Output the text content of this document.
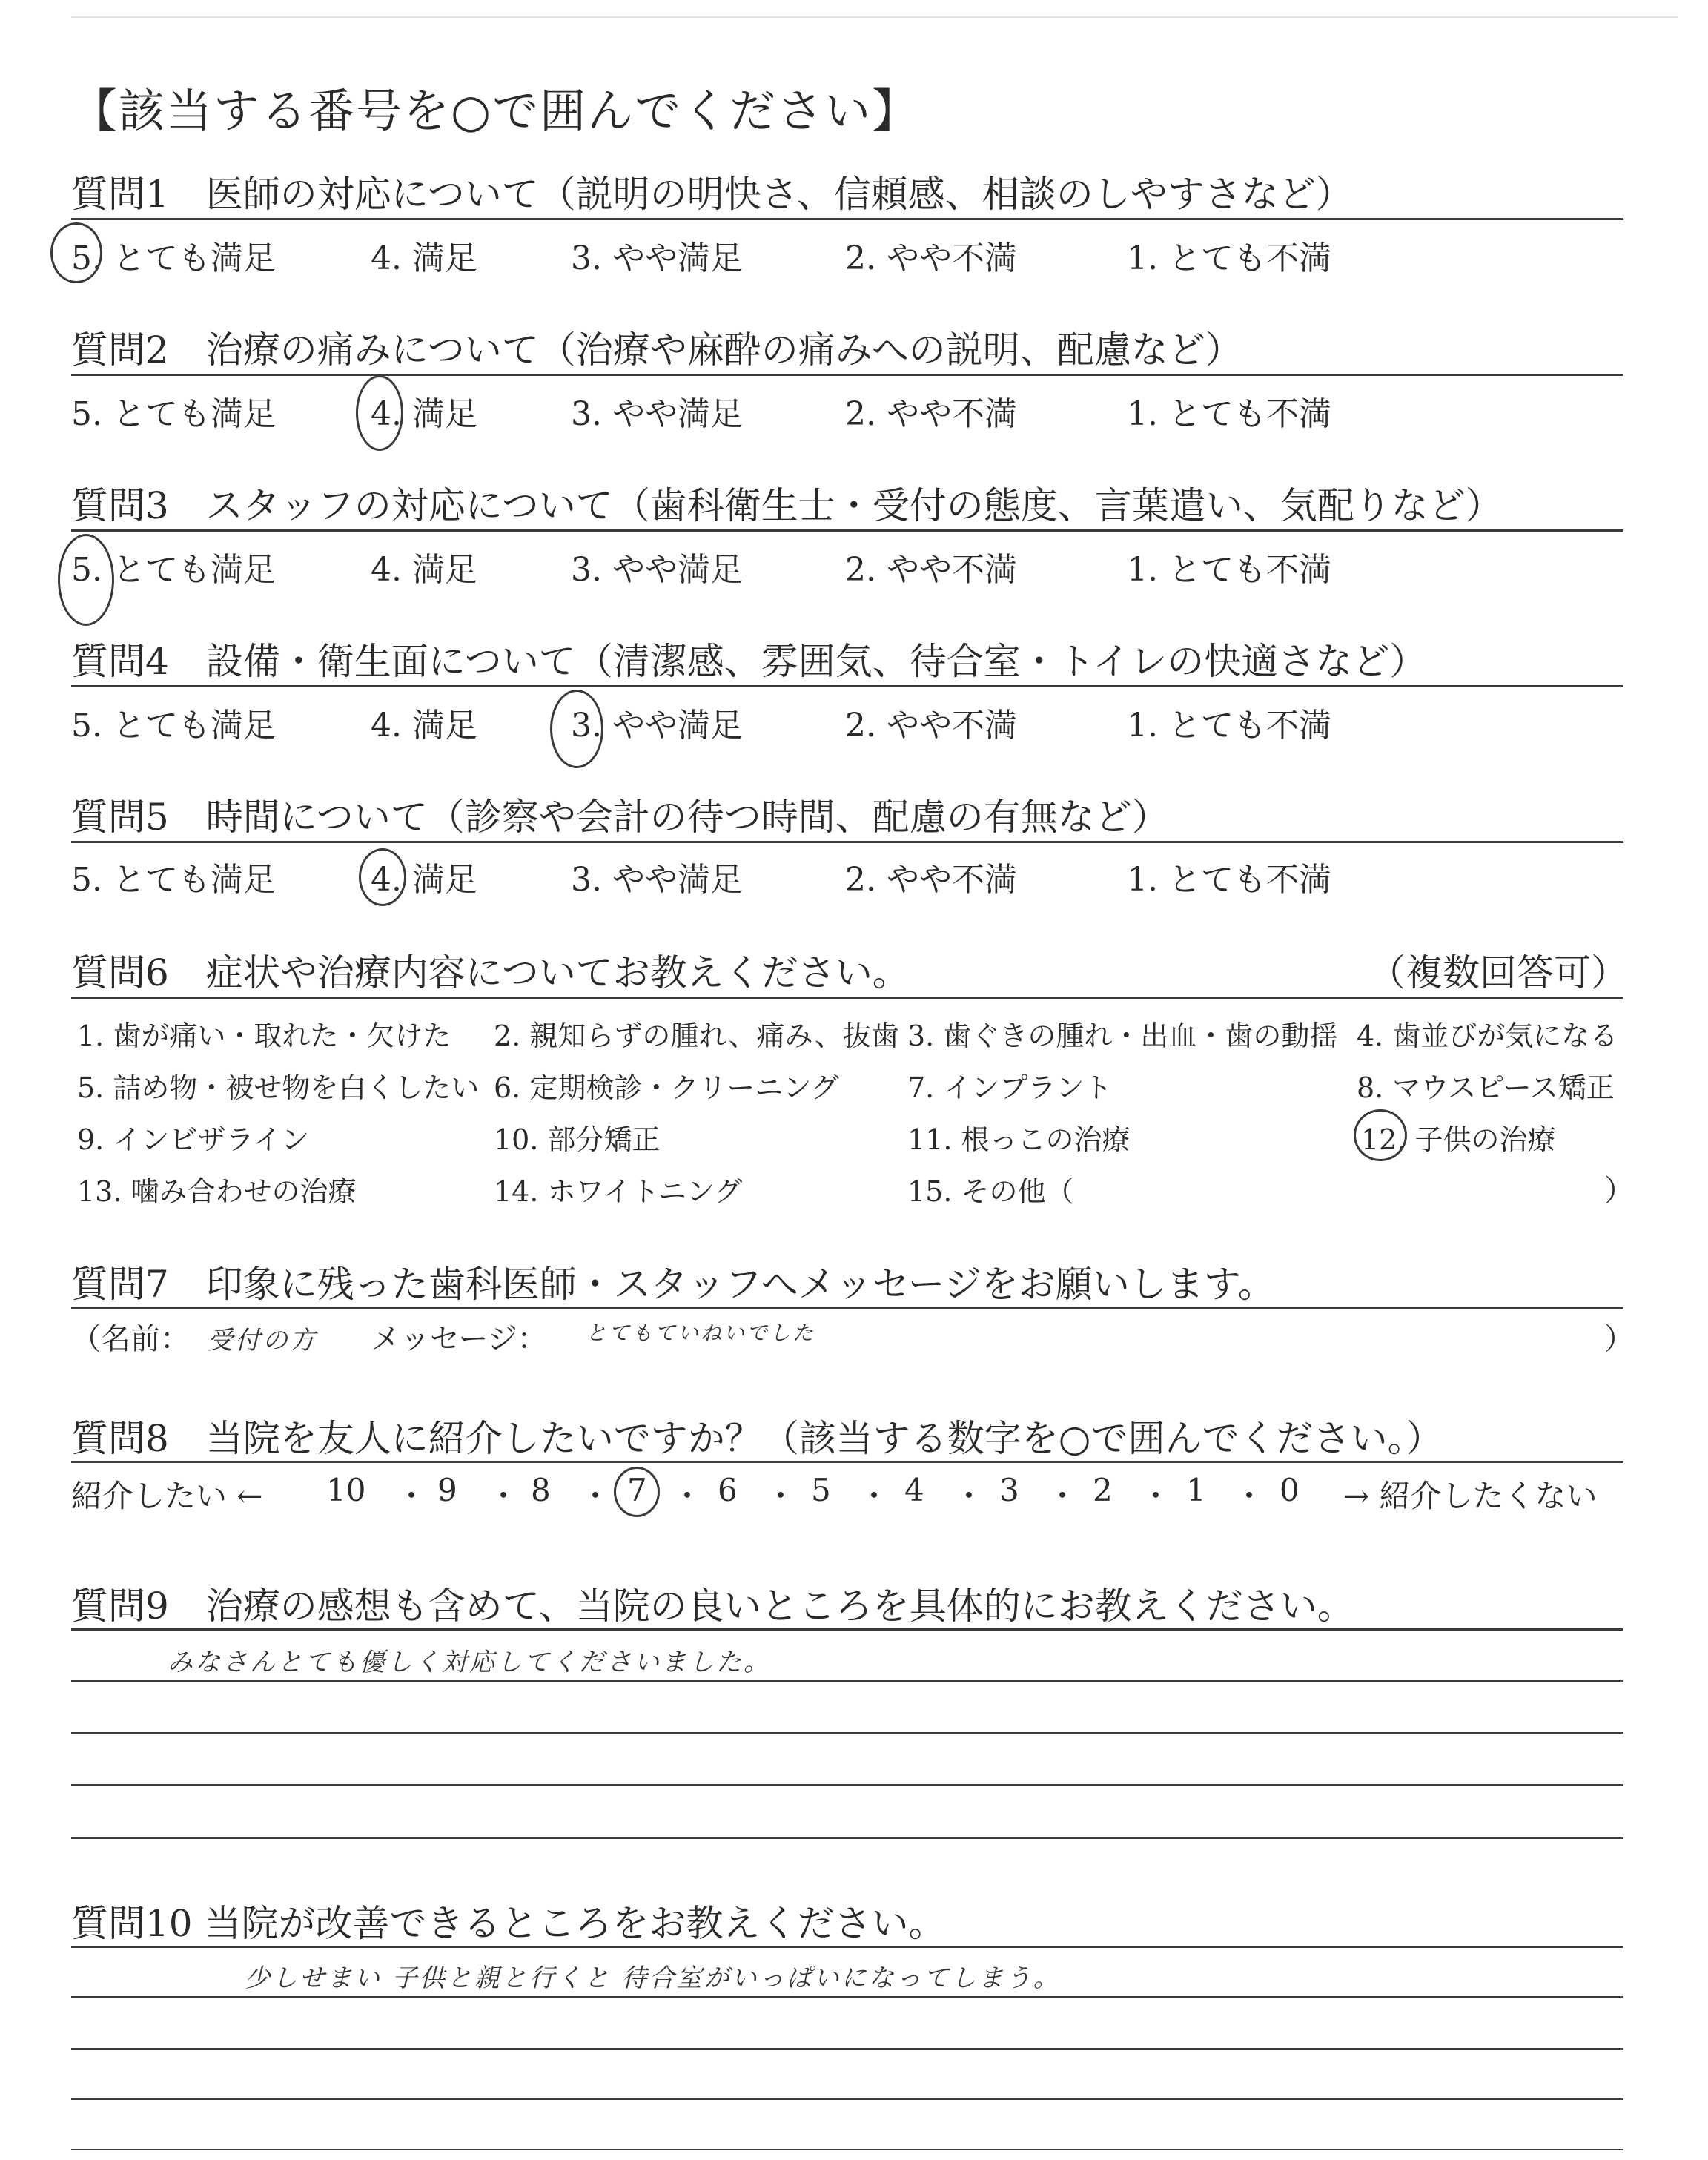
【該当する番号を○で囲んでください】
質問1　医師の対応について（説明の明快さ、信頼感、相談のしやすさなど）
5. とても満足	4. 満足	3. やや満足	2. やや不満	1. とても不満
質問2　治療の痛みについて（治療や麻酔の痛みへの説明、配慮など）
5. とても満足	4. 満足	3. やや満足	2. やや不満	1. とても不満
質問3　スタッフの対応について（歯科衛生士・受付の態度、言葉遣い、気配りなど）
5. とても満足	4. 満足	3. やや満足	2. やや不満	1. とても不満
質問4　設備・衛生面について（清潔感、雰囲気、待合室・トイレの快適さなど）
5. とても満足	4. 満足	3. やや満足	2. やや不満	1. とても不満
質問5　時間について（診察や会計の待つ時間、配慮の有無など）
5. とても満足	4. 満足	3. やや満足	2. やや不満	1. とても不満
質問6　症状や治療内容についてお教えください。	（複数回答可）
1. 歯が痛い・取れた・欠けた 2. 親知らずの腫れ、痛み、抜歯 3. 歯ぐきの腫れ・出血・歯の動揺 4. 歯並びが気になる
5. 詰め物・被せ物を白くしたい 6. 定期検診・クリーニング 7. インプラント	8. マウスピース矯正
9. インビザライン	10. 部分矯正	11. 根っこの治療	12. 子供の治療
13. 噛み合わせの治療	14. ホワイトニング	15. その他（	）
質問7　印象に残った歯科医師・スタッフへメッセージをお願いします。
（名前： 受付の方 メッセージ： とてもていねいでした	）
質問8　当院を友人に紹介したいですか？（該当する数字を○で囲んでください。）
紹介したい ← 10 ・ 9 ・ 8 ・ 7 ・ 6 ・ 5 ・ 4 ・ 3 ・ 2 ・ 1 ・ 0 → 紹介したくない
質問9　治療の感想も含めて、当院の良いところを具体的にお教えください。
みなさんとても優しく対応してくださいました。
質問10 当院が改善できるところをお教えください。
少しせまい 子供と親と行くと 待合室がいっぱいになってしまう。
